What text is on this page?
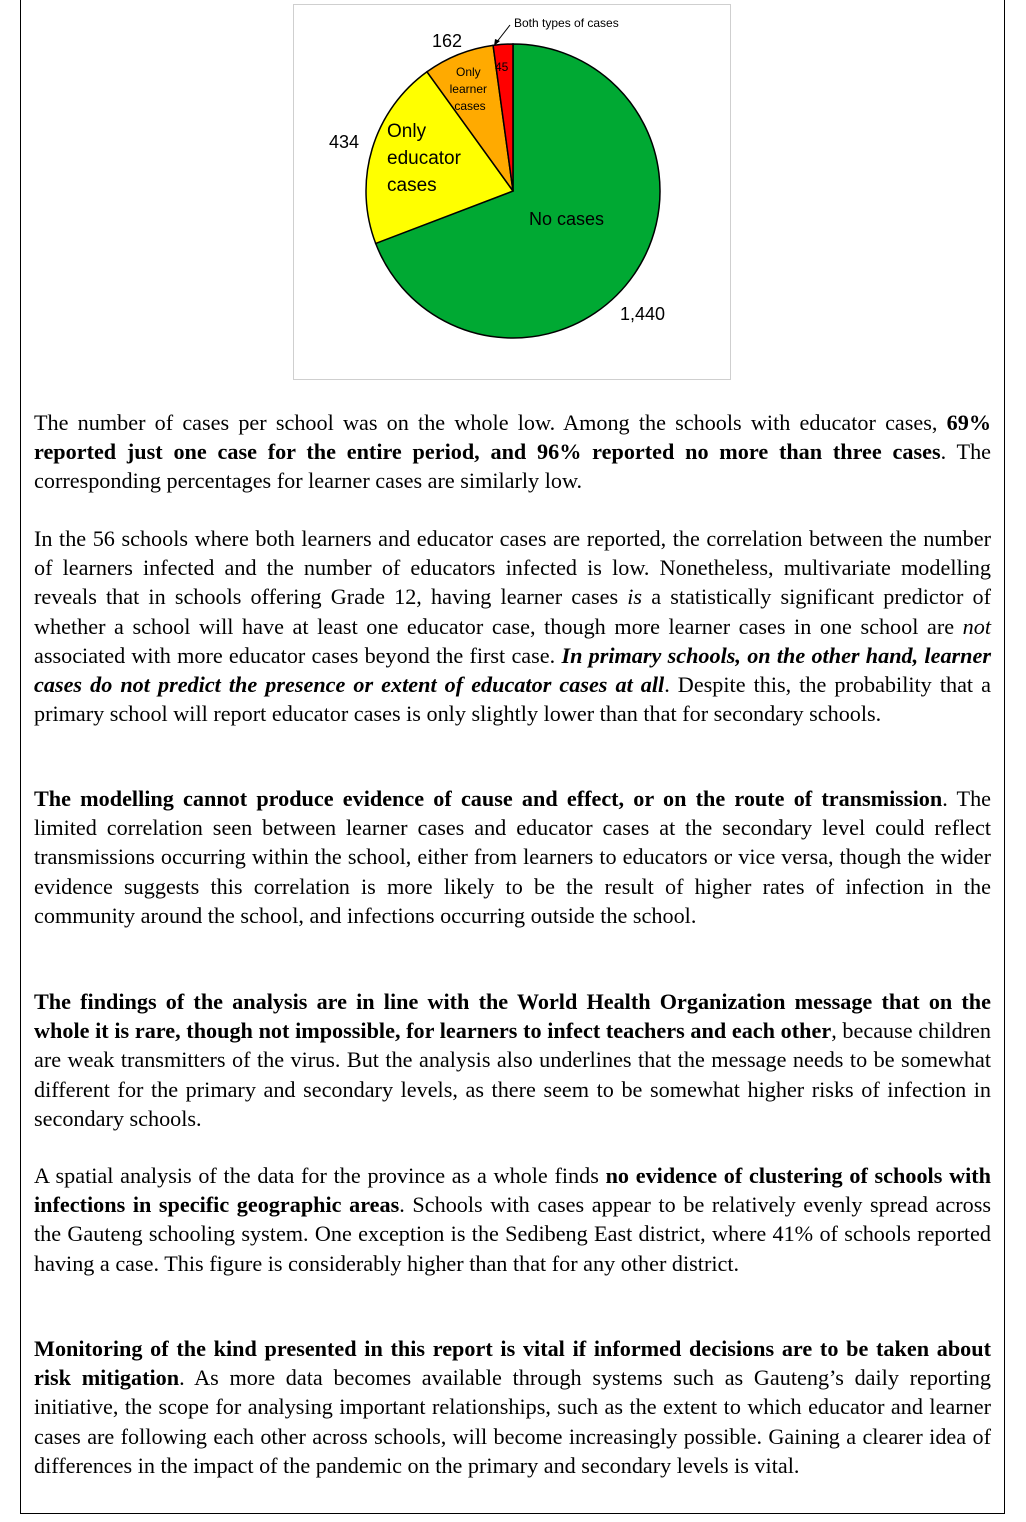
Both types of cases
No cases
Only educator cases
Only learner cases
1,440
434
162
45

The number of cases per school was on the whole low. Among the schools with educator cases, 69% reported just one case for the entire period, and 96% reported no more than three cases. The corresponding percentages for learner cases are similarly low.

In the 56 schools where both learners and educator cases are reported, the correlation between the number of learners infected and the number of educators infected is low. Nonetheless, multivariate modelling reveals that in schools offering Grade 12, having learner cases is a statistically significant predictor of whether a school will have at least one educator case, though more learner cases in one school are not associated with more educator cases beyond the first case. In primary schools, on the other hand, learner cases do not predict the presence or extent of educator cases at all. Despite this, the probability that a primary school will report educator cases is only slightly lower than that for secondary schools.

The modelling cannot produce evidence of cause and effect, or on the route of transmission. The limited correlation seen between learner cases and educator cases at the secondary level could reflect transmissions occurring within the school, either from learners to educators or vice versa, though the wider evidence suggests this correlation is more likely to be the result of higher rates of infection in the community around the school, and infections occurring outside the school.

The findings of the analysis are in line with the World Health Organization message that on the whole it is rare, though not impossible, for learners to infect teachers and each other, because children are weak transmitters of the virus. But the analysis also underlines that the message needs to be somewhat different for the primary and secondary levels, as there seem to be somewhat higher risks of infection in secondary schools.

A spatial analysis of the data for the province as a whole finds no evidence of clustering of schools with infections in specific geographic areas. Schools with cases appear to be relatively evenly spread across the Gauteng schooling system. One exception is the Sedibeng East district, where 41% of schools reported having a case. This figure is considerably higher than that for any other district.

Monitoring of the kind presented in this report is vital if informed decisions are to be taken about risk mitigation. As more data becomes available through systems such as Gauteng’s daily reporting initiative, the scope for analysing important relationships, such as the extent to which educator and learner cases are following each other across schools, will become increasingly possible. Gaining a clearer idea of differences in the impact of the pandemic on the primary and secondary levels is vital.
